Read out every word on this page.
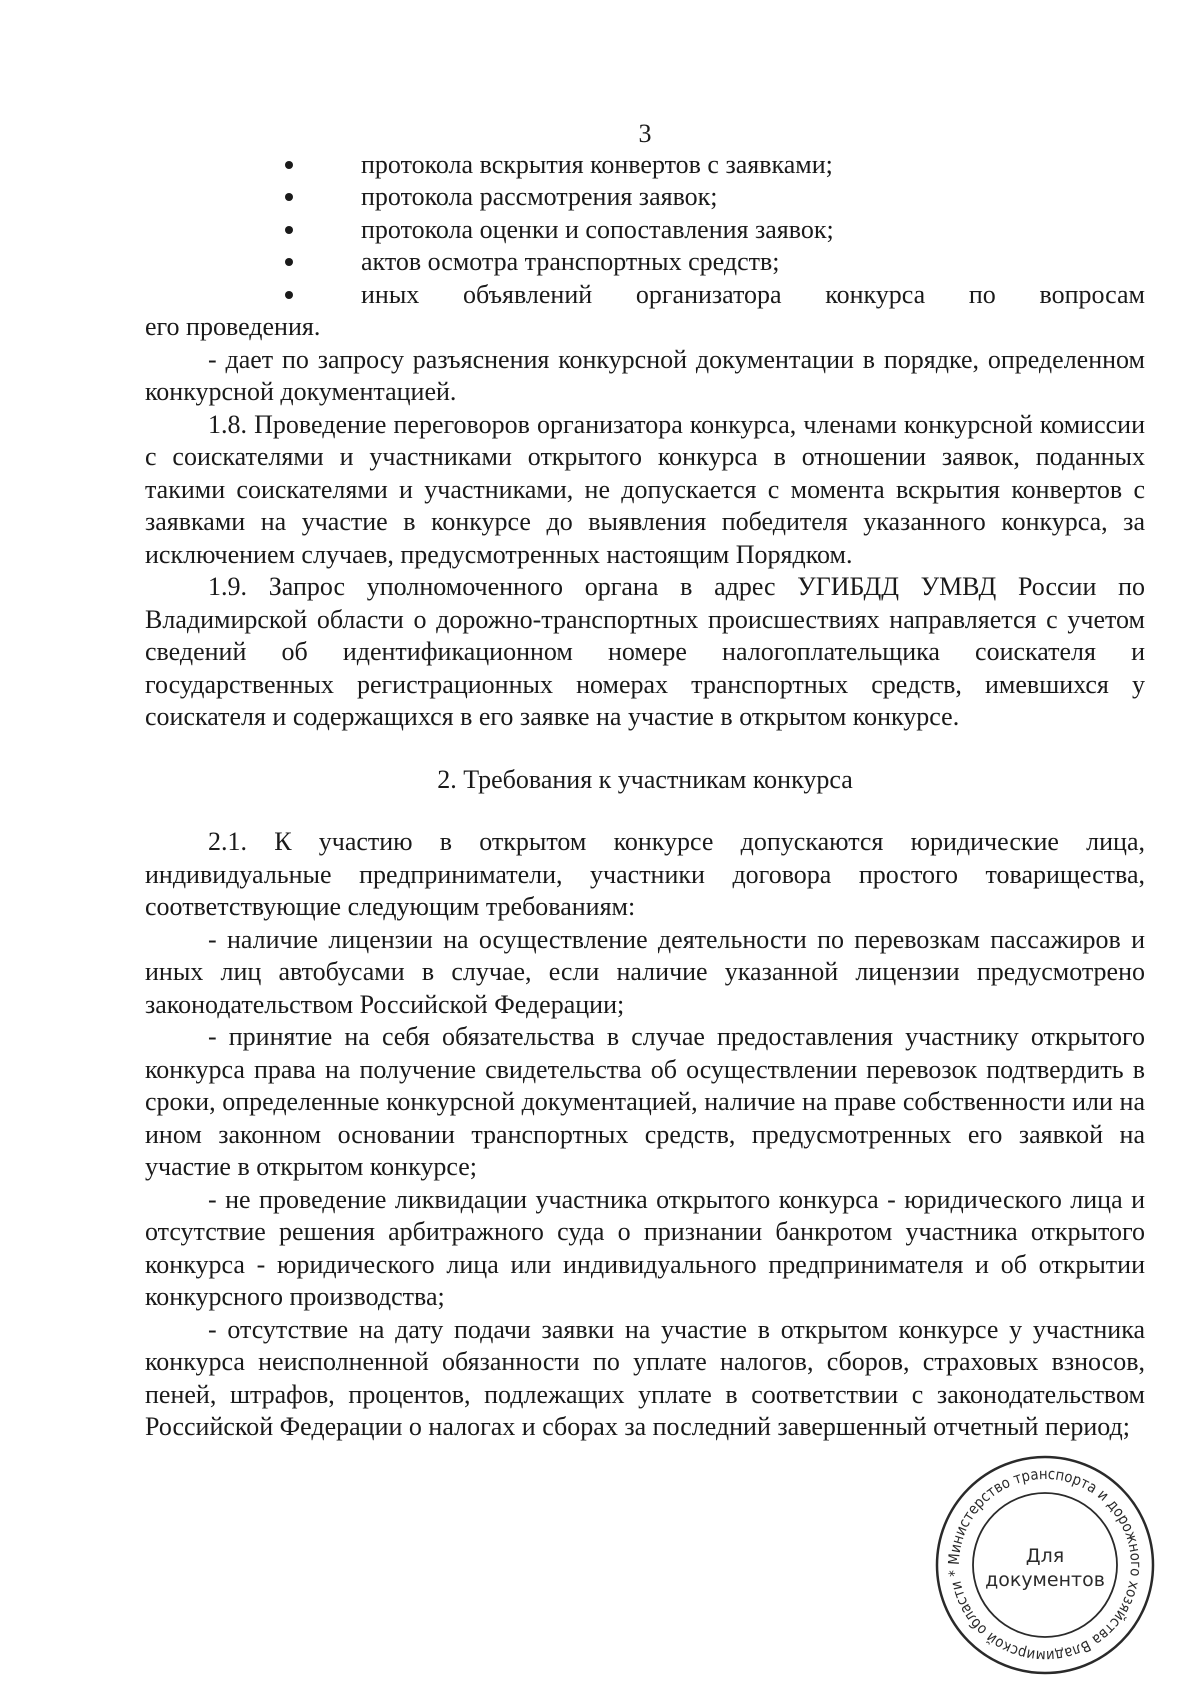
3
протокола вскрытия конвертов с заявками;
протокола рассмотрения заявок;
протокола оценки и сопоставления заявок;
актов осмотра транспортных средств;
иных объявлений организатора конкурса по вопросам

его проведения.

- дает по запросу разъяснения конкурсной документации в порядке, определенном конкурсной документацией.

1.8. Проведение переговоров организатора конкурса, членами конкурсной комиссии с соискателями и участниками открытого конкурса в отношении заявок, поданных такими соискателями и участниками, не допускается с момента вскрытия конвертов с заявками на участие в конкурсе до выявления победителя указанного конкурса, за исключением случаев, предусмотренных настоящим Порядком.

1.9. Запрос уполномоченного органа в адрес УГИБДД УМВД России по Владимирской области о дорожно-транспортных происшествиях направляется с учетом сведений об идентификационном номере налогоплательщика соискателя и государственных регистрационных номерах транспортных средств, имевшихся у соискателя и содержащихся в его заявке на участие в открытом конкурсе.

2. Требования к участникам конкурса

2.1. К участию в открытом конкурсе допускаются юридические лица, индивидуальные предприниматели, участники договора простого товарищества, соответствующие следующим требованиям:

- наличие лицензии на осуществление деятельности по перевозкам пассажиров и иных лиц автобусами в случае, если наличие указанной лицензии предусмотрено законодательством Российской Федерации;

- принятие на себя обязательства в случае предоставления участнику открытого конкурса права на получение свидетельства об осуществлении перевозок подтвердить в сроки, определенные конкурсной документацией, наличие на праве собственности или на ином законном основании транспортных средств, предусмотренных его заявкой на участие в открытом конкурсе;

- не проведение ликвидации участника открытого конкурса - юридического лица и отсутствие решения арбитражного суда о признании банкротом участника открытого конкурса - юридического лица или индивидуального предпринимателя и об открытии конкурсного производства;

- отсутствие на дату подачи заявки на участие в открытом конкурсе у участника конкурса неисполненной обязанности по уплате налогов, сборов, страховых взносов, пеней, штрафов, процентов, подлежащих уплате в соответствии с законодательством Российской Федерации о налогах и сборах за последний завершенный отчетный период;

Министерство транспорта и дорожного хозяйства Владимирской области *
Для
документов
